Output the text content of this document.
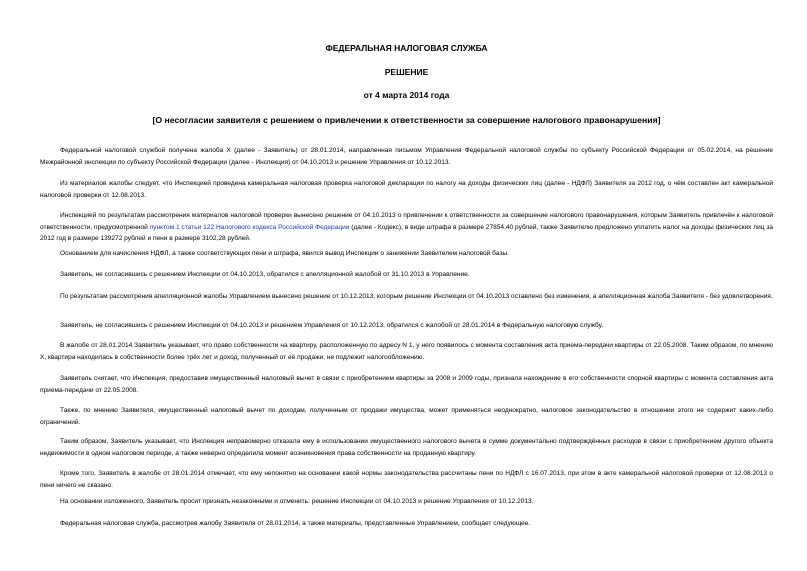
ФЕДЕРАЛЬНАЯ НАЛОГОВАЯ СЛУЖБА
РЕШЕНИЕ
от 4 марта 2014 года
[О несогласии заявителя с решением о привлечении к ответственности за совершение налогового правонарушения]

Федеральной налоговой службой получена жалоба X (далее - Заявитель) от 28.01.2014, направленная письмом Управления Федеральной налоговой службы по субъекту Российской Федерации от 05.02.2014, на решение Межрайонной инспекции по субъекту Российской Федерации (далее - Инспекция) от 04.10.2013 и решение Управления от 10.12.2013.

Из материалов жалобы следует, что Инспекцией проведена камеральная налоговая проверка налоговой декларации по налогу на доходы физических лиц (далее - НДФЛ) Заявителя за 2012 год, о чём составлен акт камеральной налоговой проверки от 12.08.2013.

Инспекцией по результатам рассмотрения материалов налоговой проверки вынесено решение от 04.10.2013 о привлечении к ответственности за совершение налогового правонарушения, которым Заявитель привлечён к налоговой ответственности, предусмотренной пунктом 1 статьи 122 Налогового кодекса Российской Федерации (далее - Кодекс), в виде штрафа в размере 27854,40 рублей, также Заявителю предложено уплатить налог на доходы физических лиц за 2012 год в размере 139272 рублей и пени в размере 3102,28 рублей.

Основанием для начисления НДФЛ, а также соответствующих пени и штрафа, явился вывод Инспекции о занижении Заявителем налоговой базы.

Заявитель, не согласившись с решением Инспекции от 04.10.2013, обратился с апелляционной жалобой от 31.10.2013 в Управление.

По результатам рассмотрения апелляционной жалобы Управлением вынесено решение от 10.12.2013, которым решение Инспекции от 04.10.2013 оставлено без изменения, а апелляционная жалоба Заявителя - без удовлетворения.

Заявитель, не согласившись с решением Инспекции от 04.10.2013 и решением Управления от 10.12.2013, обратился с жалобой от 28.01.2014 в Федеральную налоговую службу.

В жалобе от 28.01.2014 Заявитель указывает, что право собственности на квартиру, расположенную по адресу N 1, у него появилось с момента составления акта приема-передачи квартиры от 22.05.2008. Таким образом, по мнению X, квартира находилась в собственности более трёх лет и доход, полученный от её продажи, не подлежит налогообложению.

Заявитель считает, что Инспекция, предоставив имущественный налоговый вычет в связи с приобретением квартиры за 2008 и 2009 годы, признала нахождение в его собственности спорной квартиры с момента составления акта приема-передачи от 22.05.2008.

Также, по мнению Заявителя, имущественный налоговый вычет по доходам, полученным от продажи имущества, может применяться неоднократно, налоговое законодательство в отношении этого не содержит каких-либо ограничений.

Таким образом, Заявитель указывает, что Инспекция неправомерно отказала ему в использовании имущественного налогового вычета в сумме документально подтверждённых расходов в связи с приобретением другого объекта недвижимости в одном налоговом периоде, а также неверно определила момент возникновения права собственности на проданную квартиру.

Кроме того, Заявитель в жалобе от 28.01.2014 отмечает, что ему непонятно на основании какой нормы законодательства рассчитаны пени по НДФЛ с 16.07.2013, при этом в акте камеральной налоговой проверки от 12.08.2013 о пени ничего не сказано.

На основании изложенного, Заявитель просит признать незаконными и отменить: решение Инспекции от 04.10.2013 и решение Управления от 10.12.2013.

Федеральная налоговая служба, рассмотрев жалобу Заявителя от 28.01.2014, а также материалы, представленные Управлением, сообщает следующее.
